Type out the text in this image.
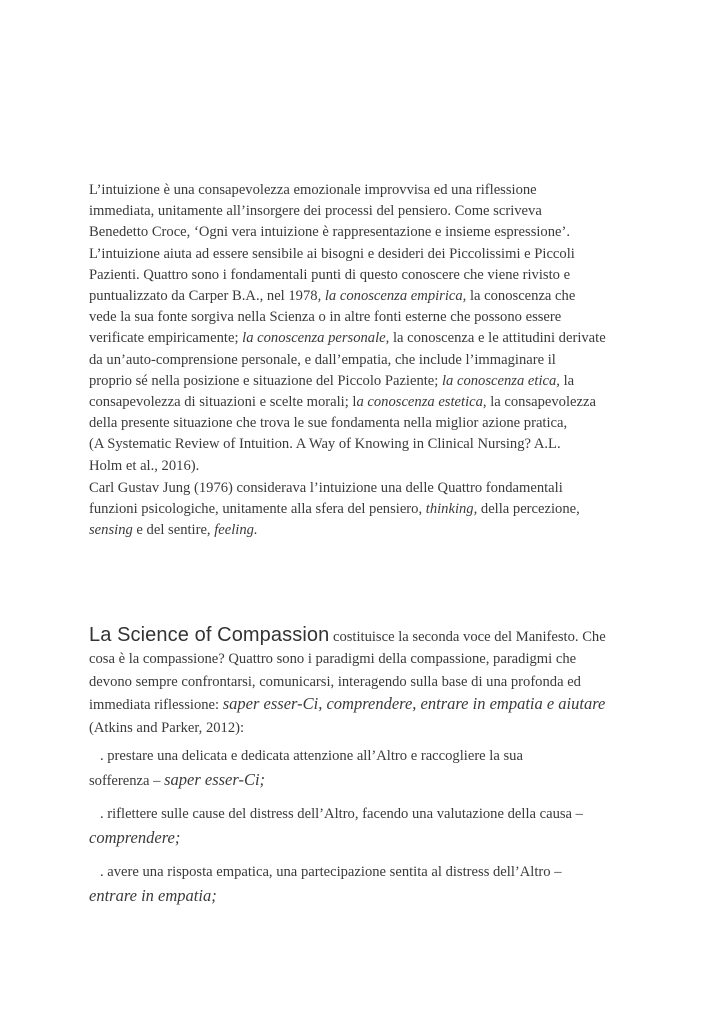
L’intuizione è una consapevolezza emozionale improvvisa ed una riflessione
immediata, unitamente all’insorgere dei processi del pensiero. Come scriveva
Benedetto Croce, ‘Ogni vera intuizione è rappresentazione e insieme espressione’.
L’intuizione aiuta ad essere sensibile ai bisogni e desideri dei Piccolissimi e Piccoli
Pazienti. Quattro sono i fondamentali punti di questo conoscere che viene rivisto e
puntualizzato da Carper B.A., nel 1978, la conoscenza empirica, la conoscenza che
vede la sua fonte sorgiva nella Scienza o in altre fonti esterne che possono essere
verificate empiricamente; la conoscenza personale, la conoscenza e le attitudini derivate
da un’auto-comprensione personale, e dall’empatia, che include l’immaginare il
proprio sé nella posizione e situazione del Piccolo Paziente; la conoscenza etica, la
consapevolezza di situazioni e scelte morali; la conoscenza estetica, la consapevolezza
della presente situazione che trova le sue fondamenta nella miglior azione pratica,
(A Systematic Review of Intuition. A Way of Knowing in Clinical Nursing? A.L.
Holm et al., 2016).

Carl Gustav Jung (1976) considerava l’intuizione una delle Quattro fondamentali
funzioni psicologiche, unitamente alla sfera del pensiero, thinking, della percezione,
sensing e del sentire, feeling.

La Science of Compassion costituisce la seconda voce del Manifesto. Che
cosa è la compassione? Quattro sono i paradigmi della compassione, paradigmi che
devono sempre confrontarsi, comunicarsi, interagendo sulla base di una profonda ed
immediata riflessione: saper esser-Ci, comprendere, entrare in empatia e aiutare
(Atkins and Parker, 2012):

. prestare una delicata e dedicata attenzione all’Altro e raccogliere la sua
sofferenza – saper esser-Ci;

. riflettere sulle cause del distress dell’Altro, facendo una valutazione della causa –
comprendere;

. avere una risposta empatica, una partecipazione sentita al distress dell’Altro –
entrare in empatia;
